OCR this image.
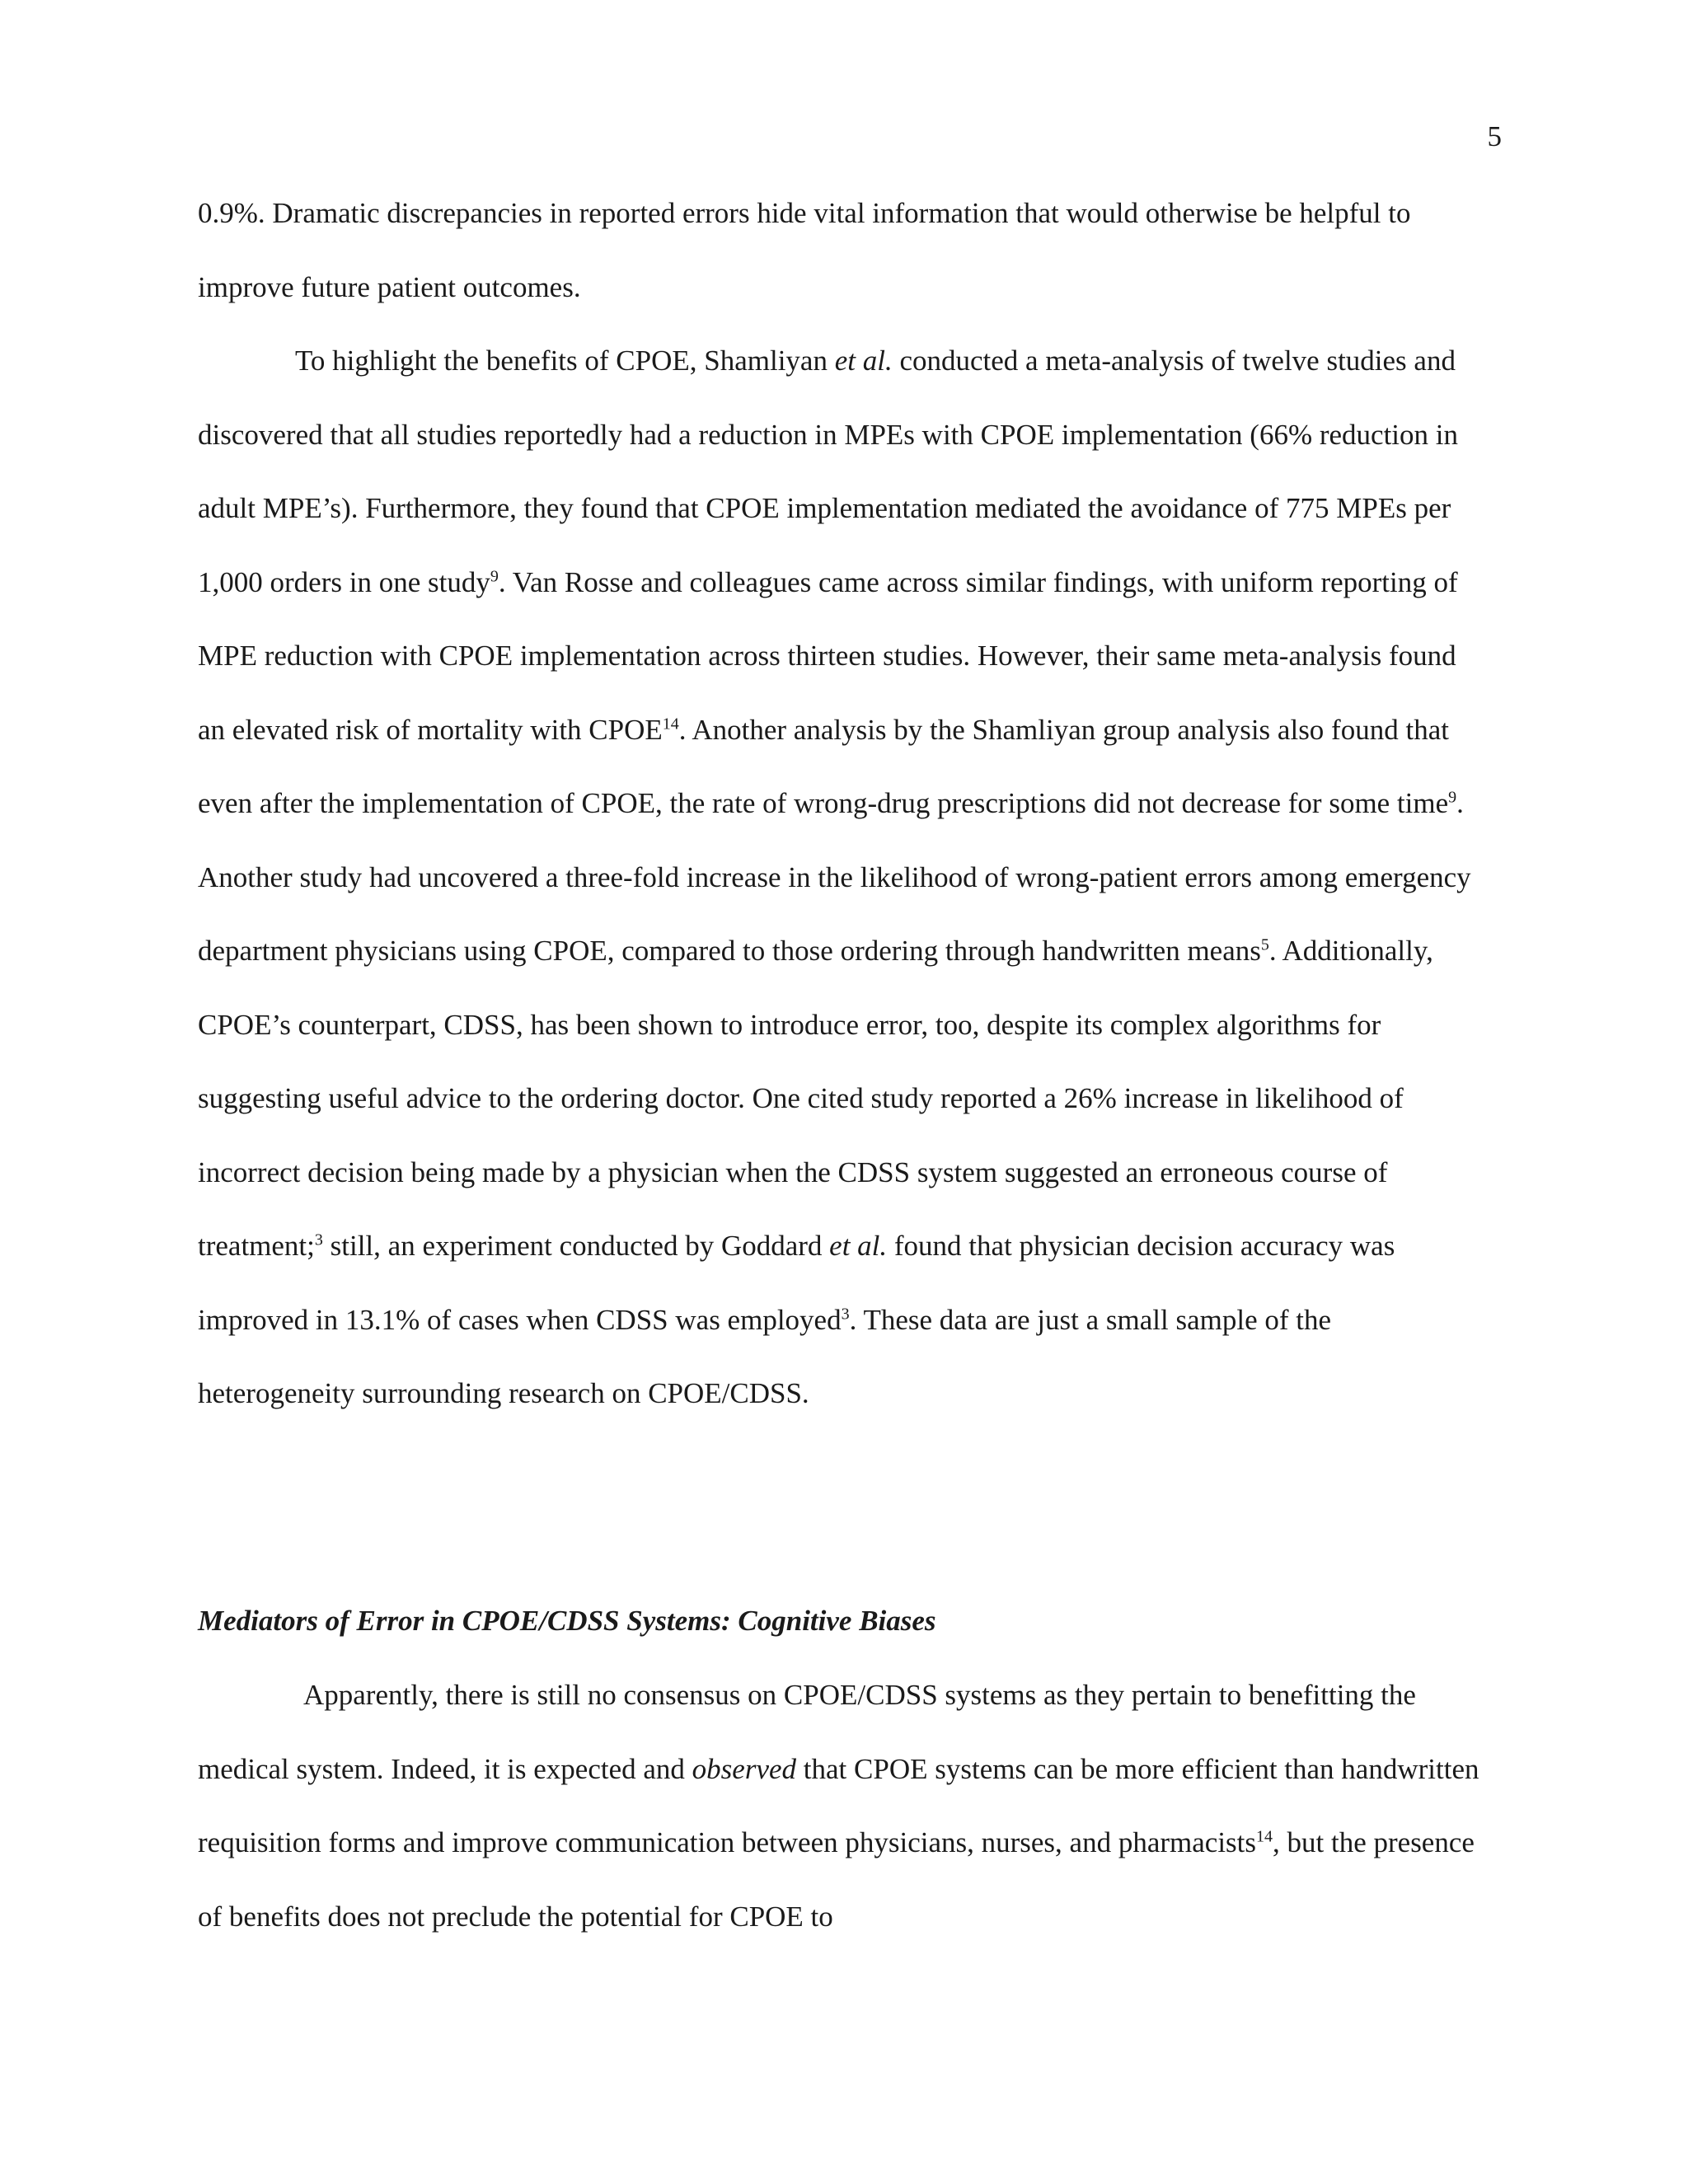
5

0.9%. Dramatic discrepancies in reported errors hide vital information that would otherwise be helpful to improve future patient outcomes.

To highlight the benefits of CPOE, Shamliyan et al. conducted a meta-analysis of twelve studies and discovered that all studies reportedly had a reduction in MPEs with CPOE implementation (66% reduction in adult MPE’s). Furthermore, they found that CPOE implementation mediated the avoidance of 775 MPEs per 1,000 orders in one study$^9$. Van Rosse and colleagues came across similar findings, with uniform reporting of MPE reduction with CPOE implementation across thirteen studies. However, their same meta-analysis found an elevated risk of mortality with CPOE$^{14}$. Another analysis by the Shamliyan group analysis also found that even after the implementation of CPOE, the rate of wrong-drug prescriptions did not decrease for some time$^9$. Another study had uncovered a three-fold increase in the likelihood of wrong-patient errors among emergency department physicians using CPOE, compared to those ordering through handwritten means$^5$. Additionally, CPOE’s counterpart, CDSS, has been shown to introduce error, too, despite its complex algorithms for suggesting useful advice to the ordering doctor. One cited study reported a 26% increase in likelihood of incorrect decision being made by a physician when the CDSS system suggested an erroneous course of treatment;$^3$ still, an experiment conducted by Goddard et al. found that physician decision accuracy was improved in 13.1% of cases when CDSS was employed$^3$. These data are just a small sample of the heterogeneity surrounding research on CPOE/CDSS.

Mediators of Error in CPOE/CDSS Systems: Cognitive Biases

Apparently, there is still no consensus on CPOE/CDSS systems as they pertain to benefitting the medical system. Indeed, it is expected and observed that CPOE systems can be more efficient than handwritten requisition forms and improve communication between physicians, nurses, and pharmacists$^{14}$, but the presence of benefits does not preclude the potential for CPOE to
